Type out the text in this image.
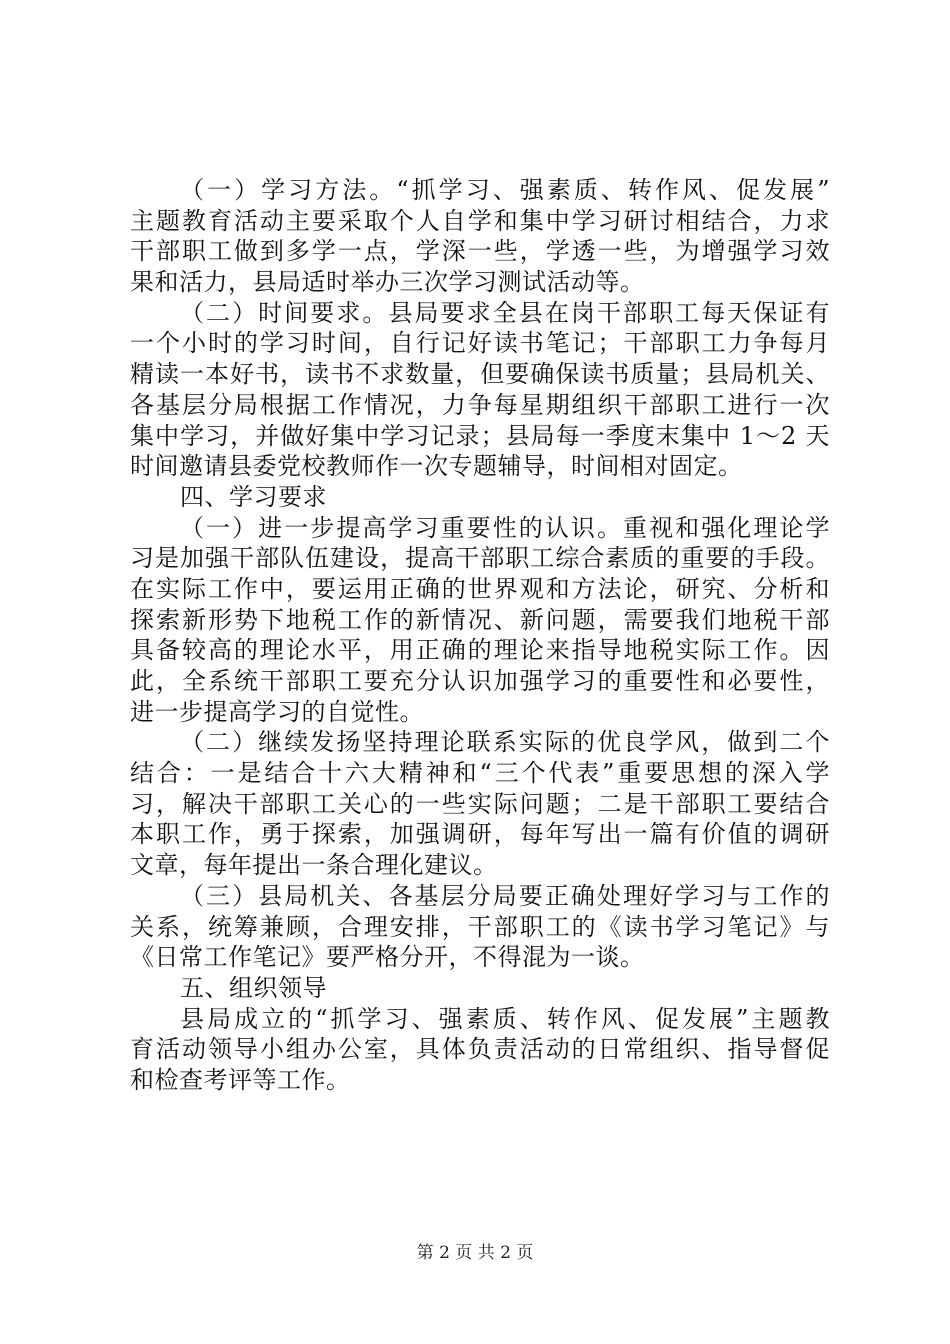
（一）学习方法。“抓学习、强素质、转作风、促发展”
主题教育活动主要采取个人自学和集中学习研讨相结合，力求
干部职工做到多学一点，学深一些，学透一些，为增强学习效
果和活力，县局适时举办三次学习测试活动等。
（二）时间要求。县局要求全县在岗干部职工每天保证有
一个小时的学习时间，自行记好读书笔记；干部职工力争每月
精读一本好书，读书不求数量，但要确保读书质量；县局机关、
各基层分局根据工作情况，力争每星期组织干部职工进行一次
集中学习，并做好集中学习记录；县局每一季度末集中 1～2 天
时间邀请县委党校教师作一次专题辅导，时间相对固定。
四、学习要求
（一）进一步提高学习重要性的认识。重视和强化理论学
习是加强干部队伍建设，提高干部职工综合素质的重要的手段。
在实际工作中，要运用正确的世界观和方法论，研究、分析和
探索新形势下地税工作的新情况、新问题，需要我们地税干部
具备较高的理论水平，用正确的理论来指导地税实际工作。因
此，全系统干部职工要充分认识加强学习的重要性和必要性，
进一步提高学习的自觉性。
（二）继续发扬坚持理论联系实际的优良学风，做到二个
结合：一是结合十六大精神和“三个代表”重要思想的深入学
习，解决干部职工关心的一些实际问题；二是干部职工要结合
本职工作，勇于探索，加强调研，每年写出一篇有价值的调研
文章，每年提出一条合理化建议。
（三）县局机关、各基层分局要正确处理好学习与工作的
关系，统筹兼顾，合理安排，干部职工的《读书学习笔记》与
《日常工作笔记》要严格分开，不得混为一谈。
五、组织领导
县局成立的“抓学习、强素质、转作风、促发展”主题教
育活动领导小组办公室，具体负责活动的日常组织、指导督促
和检查考评等工作。
第 2 页 共 2 页
